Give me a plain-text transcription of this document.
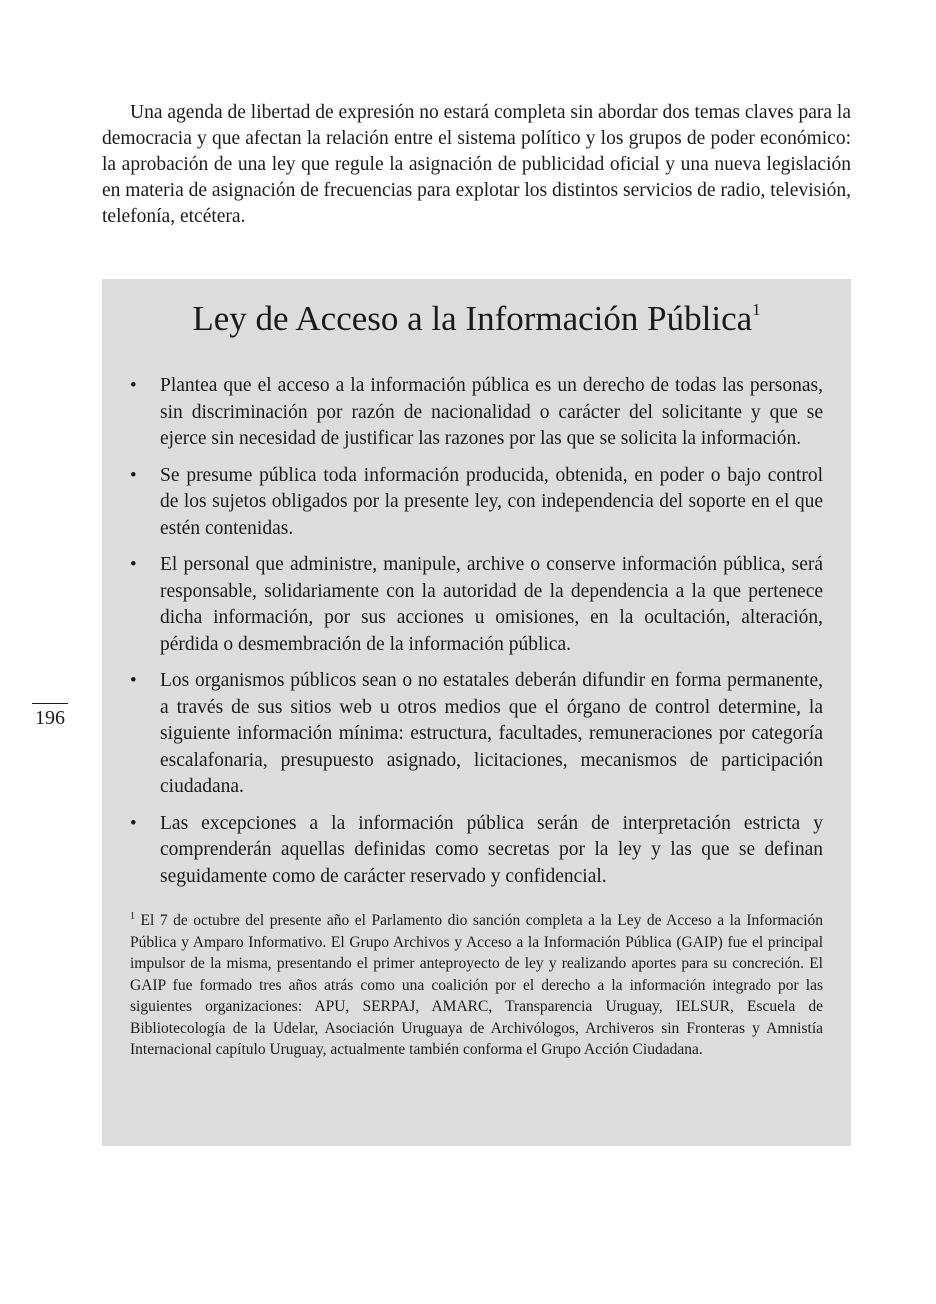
Una agenda de libertad de expresión no estará completa sin abordar dos temas claves para la democracia y que afectan la relación entre el sistema político y los grupos de poder económico: la aprobación de una ley que regule la asignación de publicidad oficial y una nueva legislación en materia de asignación de frecuencias para explotar los distintos servicios de radio, televisión, telefonía, etcétera.

196
Ley de Acceso a la Información Pública$^1$
• Plantea que el acceso a la información pública es un derecho de todas las personas, sin discriminación por razón de nacionalidad o carácter del solicitante y que se ejerce sin necesidad de justificar las razones por las que se solicita la información.
• Se presume pública toda información producida, obtenida, en poder o bajo control de los sujetos obligados por la presente ley, con independencia del soporte en el que estén contenidas.
• El personal que administre, manipule, archive o conserve información pública, será responsable, solidariamente con la autoridad de la dependencia a la que pertenece dicha información, por sus acciones u omisiones, en la ocultación, alteración, pérdida o desmembración de la información pública.
• Los organismos públicos sean o no estatales deberán difundir en forma permanente, a través de sus sitios web u otros medios que el órgano de control determine, la siguiente información mínima: estructura, facultades, remuneraciones por categoría escalafonaria, presupuesto asignado, licitaciones, mecanismos de participación ciudadana.
• Las excepciones a la información pública serán de interpretación estricta y comprenderán aquellas definidas como secretas por la ley y las que se definan seguidamente como de carácter reservado y confidencial.

$^1$ El 7 de octubre del presente año el Parlamento dio sanción completa a la Ley de Acceso a la Información Pública y Amparo Informativo. El Grupo Archivos y Acceso a la Información Pública (GAIP) fue el principal impulsor de la misma, presentando el primer anteproyecto de ley y realizando aportes para su concreción. El GAIP fue formado tres años atrás como una coalición por el derecho a la información integrado por las siguientes organizaciones: APU, SERPAJ, AMARC, Transparencia Uruguay, IELSUR, Escuela de Bibliotecología de la Udelar, Asociación Uruguaya de Archivólogos, Archiveros sin Fronteras y Amnistía Internacional capítulo Uruguay, actualmente también conforma el Grupo Acción Ciudadana.
